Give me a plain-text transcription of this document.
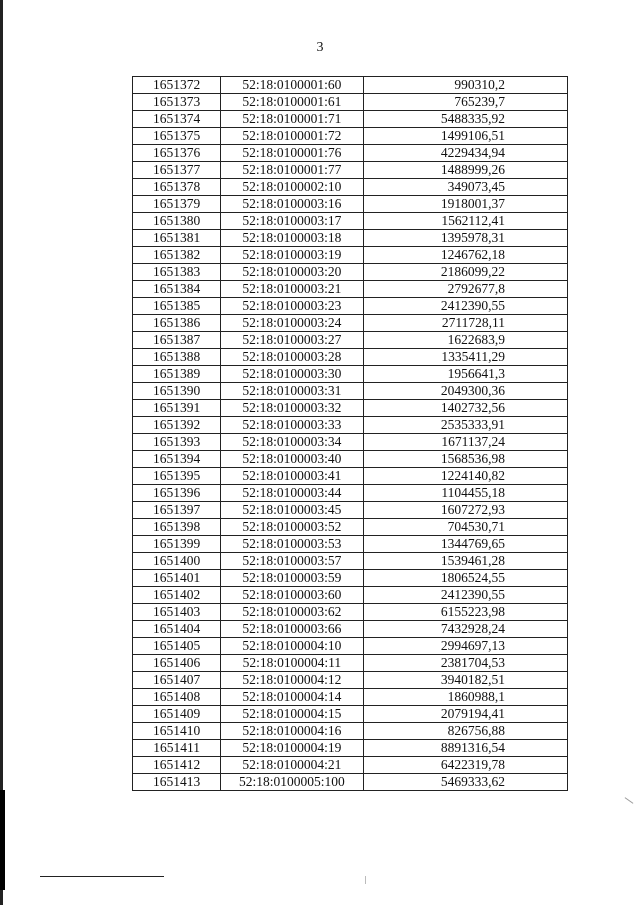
3
1651372	52:18:0100001:60	990310,2
1651373	52:18:0100001:61	765239,7
1651374	52:18:0100001:71	5488335,92
1651375	52:18:0100001:72	1499106,51
1651376	52:18:0100001:76	4229434,94
1651377	52:18:0100001:77	1488999,26
1651378	52:18:0100002:10	349073,45
1651379	52:18:0100003:16	1918001,37
1651380	52:18:0100003:17	1562112,41
1651381	52:18:0100003:18	1395978,31
1651382	52:18:0100003:19	1246762,18
1651383	52:18:0100003:20	2186099,22
1651384	52:18:0100003:21	2792677,8
1651385	52:18:0100003:23	2412390,55
1651386	52:18:0100003:24	2711728,11
1651387	52:18:0100003:27	1622683,9
1651388	52:18:0100003:28	1335411,29
1651389	52:18:0100003:30	1956641,3
1651390	52:18:0100003:31	2049300,36
1651391	52:18:0100003:32	1402732,56
1651392	52:18:0100003:33	2535333,91
1651393	52:18:0100003:34	1671137,24
1651394	52:18:0100003:40	1568536,98
1651395	52:18:0100003:41	1224140,82
1651396	52:18:0100003:44	1104455,18
1651397	52:18:0100003:45	1607272,93
1651398	52:18:0100003:52	704530,71
1651399	52:18:0100003:53	1344769,65
1651400	52:18:0100003:57	1539461,28
1651401	52:18:0100003:59	1806524,55
1651402	52:18:0100003:60	2412390,55
1651403	52:18:0100003:62	6155223,98
1651404	52:18:0100003:66	7432928,24
1651405	52:18:0100004:10	2994697,13
1651406	52:18:0100004:11	2381704,53
1651407	52:18:0100004:12	3940182,51
1651408	52:18:0100004:14	1860988,1
1651409	52:18:0100004:15	2079194,41
1651410	52:18:0100004:16	826756,88
1651411	52:18:0100004:19	8891316,54
1651412	52:18:0100004:21	6422319,78
1651413	52:18:0100005:100	5469333,62
